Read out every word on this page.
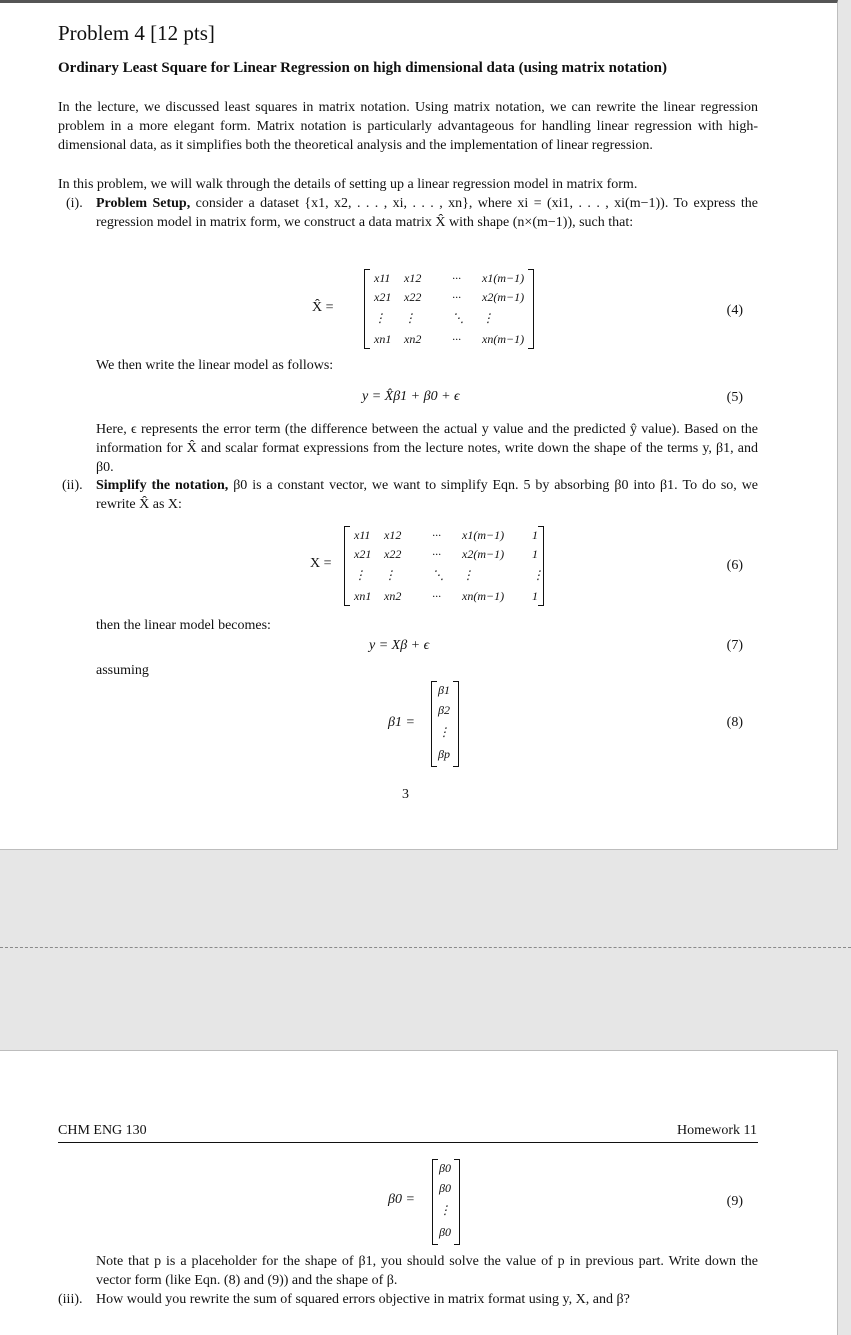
Problem 4 [12 pts]
Ordinary Least Square for Linear Regression on high dimensional data (using matrix notation)
In the lecture, we discussed least squares in matrix notation. Using matrix notation, we can rewrite the linear regression problem in a more elegant form. Matrix notation is particularly advantageous for handling linear regression with high-dimensional data, as it simplifies both the theoretical analysis and the implementation of linear regression.
In this problem, we will walk through the details of setting up a linear regression model in matrix form.
(i). Problem Setup, consider a dataset {x1, x2, . . . , xi, . . . , xn}, where xi = (xi1, . . . , xi(m−1)). To express the regression model in matrix form, we construct a data matrix X̂ with shape (n×(m−1)), such that:
X̂ =
x11 x12	··· x1(m−1)
x21 x22	··· x2(m−1)
⋮ ⋮	⋱ ⋮
xn1 xn2	··· xn(m−1)
(4)
We then write the linear model as follows:
y = X̂β1 + β0 + ϵ	(5)
Here, ϵ represents the error term (the difference between the actual y value and the predicted ŷ value). Based on the information for X̂ and scalar format expressions from the lecture notes, write down the shape of the terms y, β1, and β0.
(ii). Simplify the notation, β0 is a constant vector, we want to simplify Eqn. 5 by absorbing β0 into β1. To do so, we rewrite X̂ as X:
X =
x11 x12	··· x1(m−1) 1
x21 x22	··· x2(m−1) 1
⋮ ⋮	⋱ ⋮	⋮
xn1 xn2	··· xn(m−1) 1
(6)
then the linear model becomes:
y = Xβ + ϵ	(7)
assuming
β1 =
β1
β2
⋮
βp
(8)
3
CHM ENG 130	Homework 11
β0 =
β0
β0
⋮
β0
(9)
Note that p is a placeholder for the shape of β1, you should solve the value of p in previous part. Write down the vector form (like Eqn. (8) and (9)) and the shape of β.
(iii). How would you rewrite the sum of squared errors objective in matrix format using y, X, and β?
